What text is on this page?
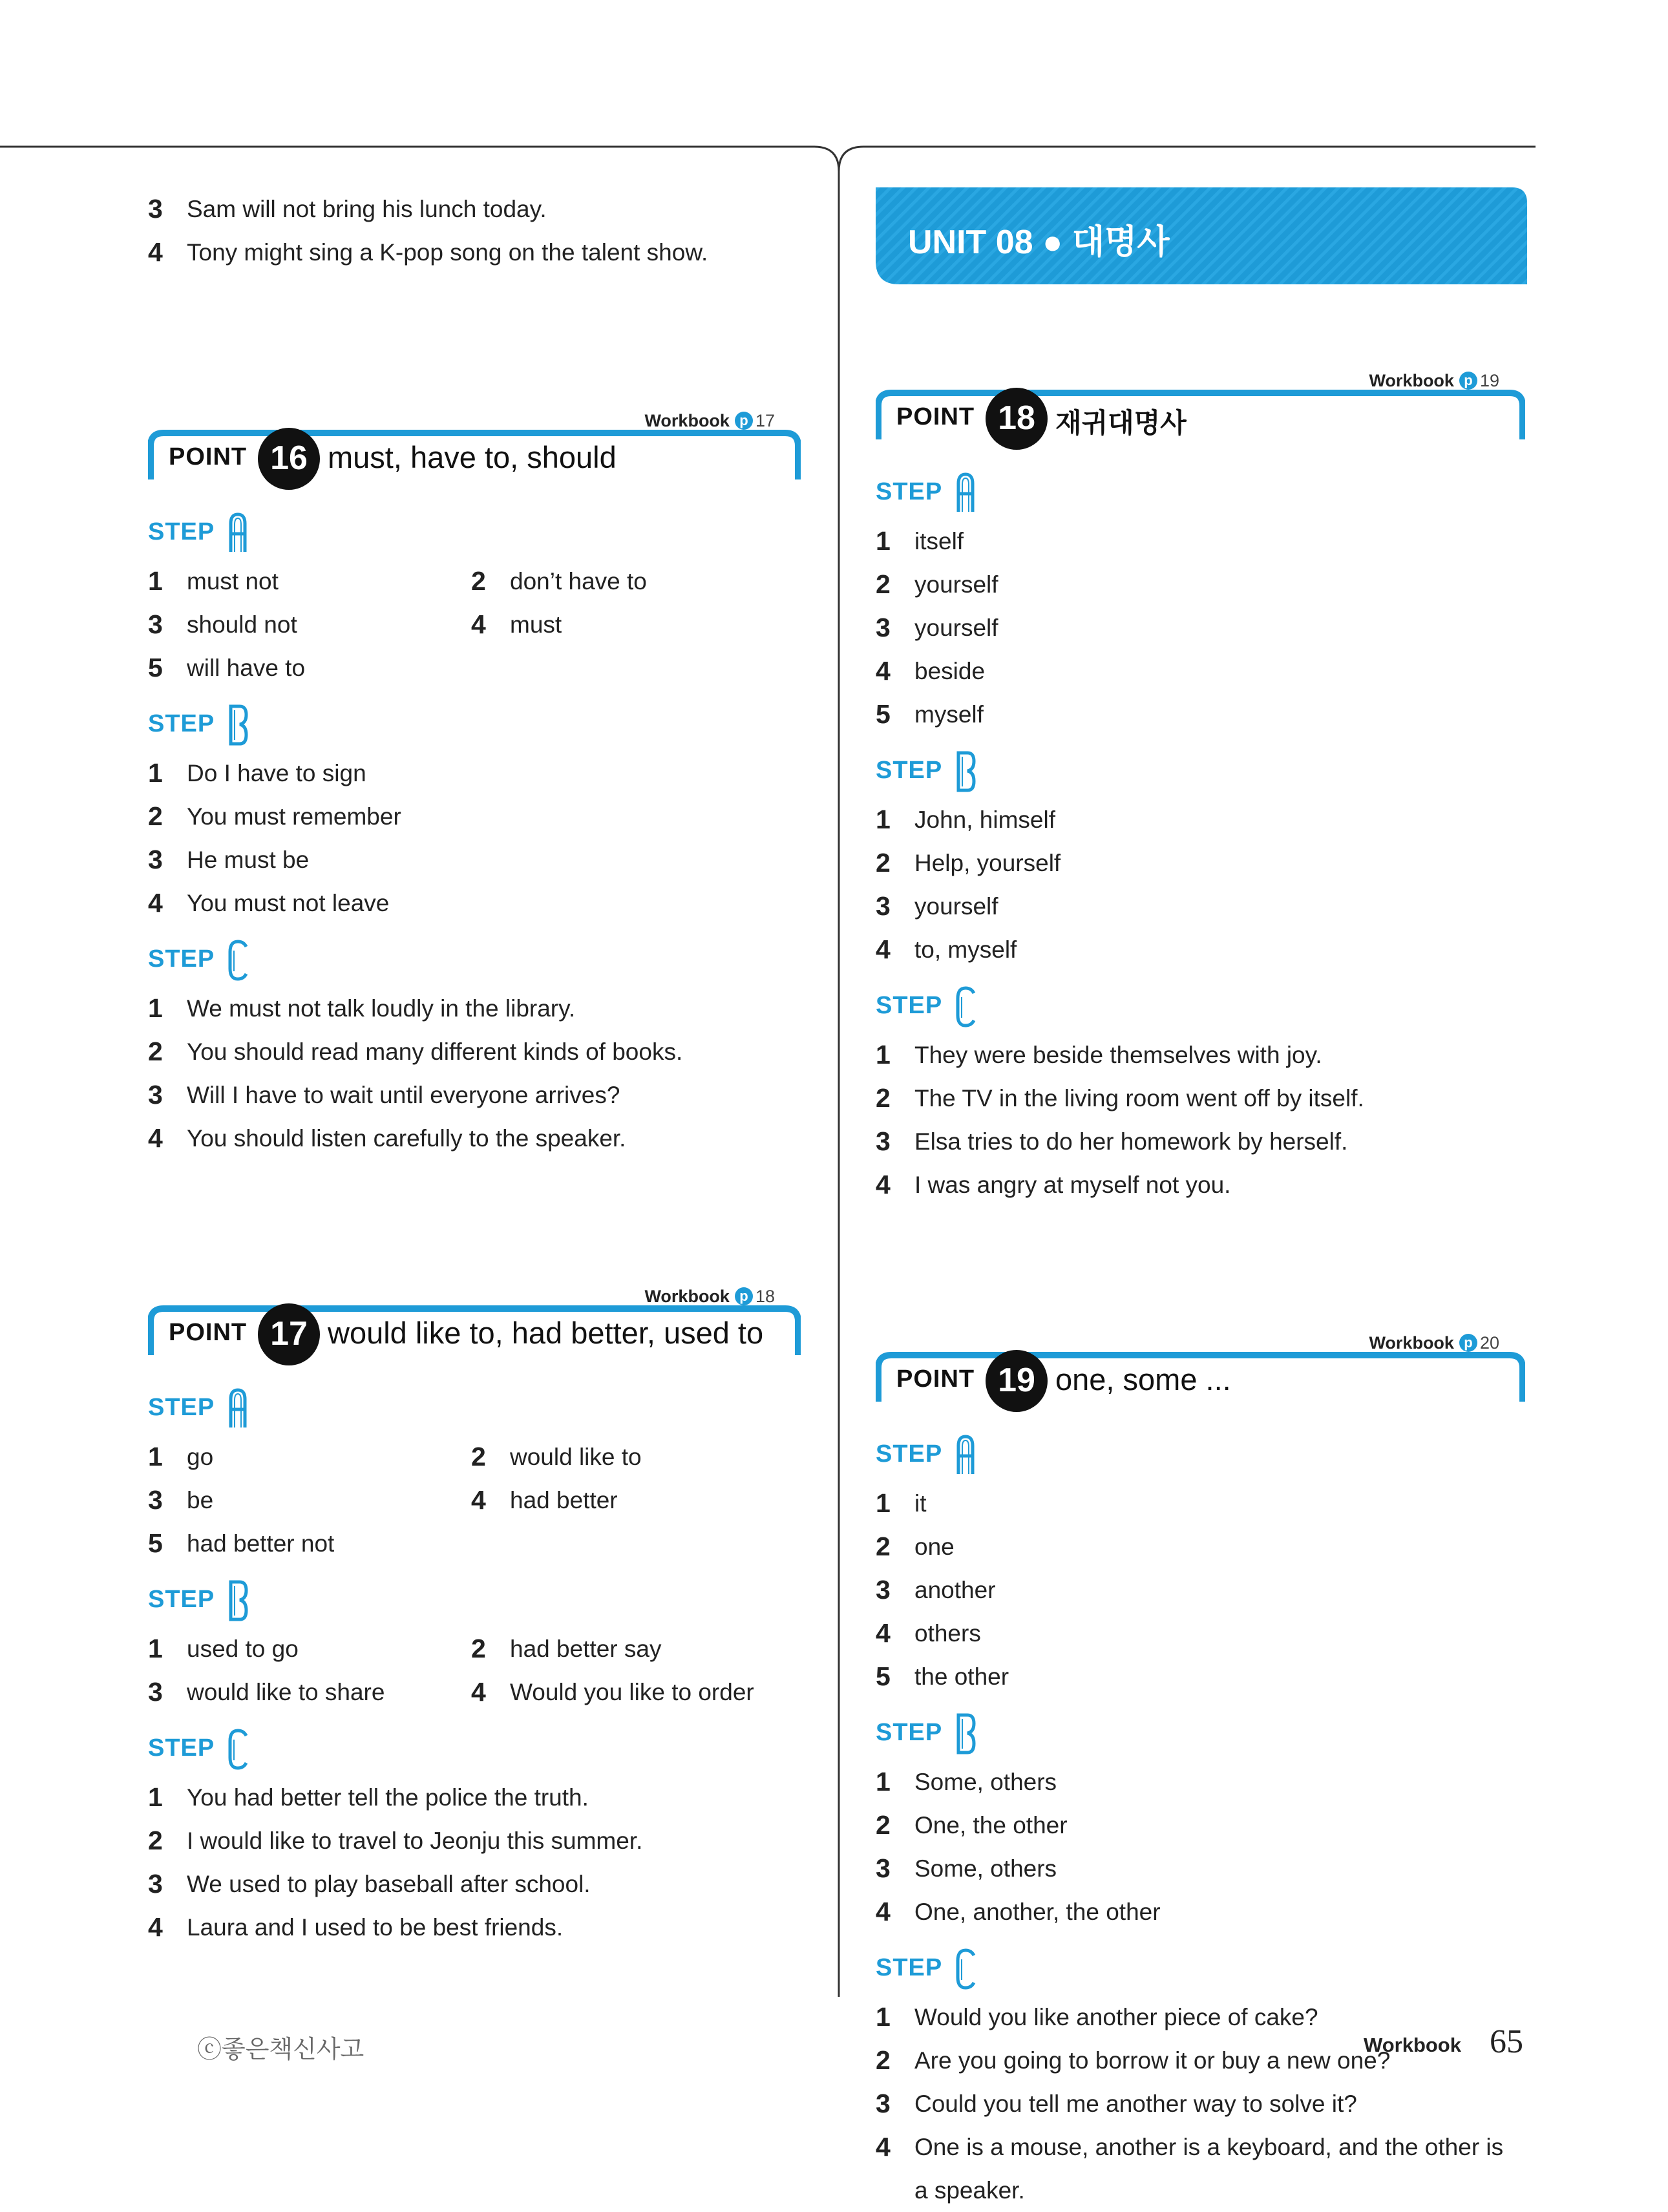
3 Sam will not bring his lunch today.
4 Tony might sing a K-pop song on the talent show.
Workbook p 17
POINT 16 must, have to, should
STEP
1 must not	2 don’t have to

3 should not	4 must

5 will have to
STEP
1 Do I have to sign
2 You must remember
3 He must be
4 You must not leave
STEP
1 We must not talk loudly in the library.
2 You should read many different kinds of books.
3 Will I have to wait until everyone arrives?
4 You should listen carefully to the speaker.
Workbook p 18
POINT 17 would like to, had better, used to
STEP
1 go	2 would like to

3 be	4 had better

5 had better not
STEP
1 used to go	2 had better say

3 would like to share	4 Would you like to order
STEP
1 You had better tell the police the truth.
2 I would like to travel to Jeonju this summer.
3 We used to play baseball after school.
4 Laura and I used to be best friends.
UNIT 08 ● 대명사
Workbook p 19
POINT 18 재귀대명사
STEP
1 itself
2 yourself

3 yourself
4 beside

5 myself
STEP
1 John, himself
2 Help, yourself

3 yourself
4 to, myself
STEP
1 They were beside themselves with joy.
2 The TV in the living room went off by itself.
3 Elsa tries to do her homework by herself.
4 I was angry at myself not you.
Workbook p 20
POINT 19 one, some ...
STEP
1 it
2 one

3 another
4 others

5 the other
STEP
1 Some, others
2 One, the other
3 Some, others
4 One, another, the other
STEP
1 Would you like another piece of cake?
2 Are you going to borrow it or buy a new one?
3 Could you tell me another way to solve it?
4 One is a mouse, another is a keyboard, and the other is
a speaker.
ⓒ좋은책신사고	Workbook 65
